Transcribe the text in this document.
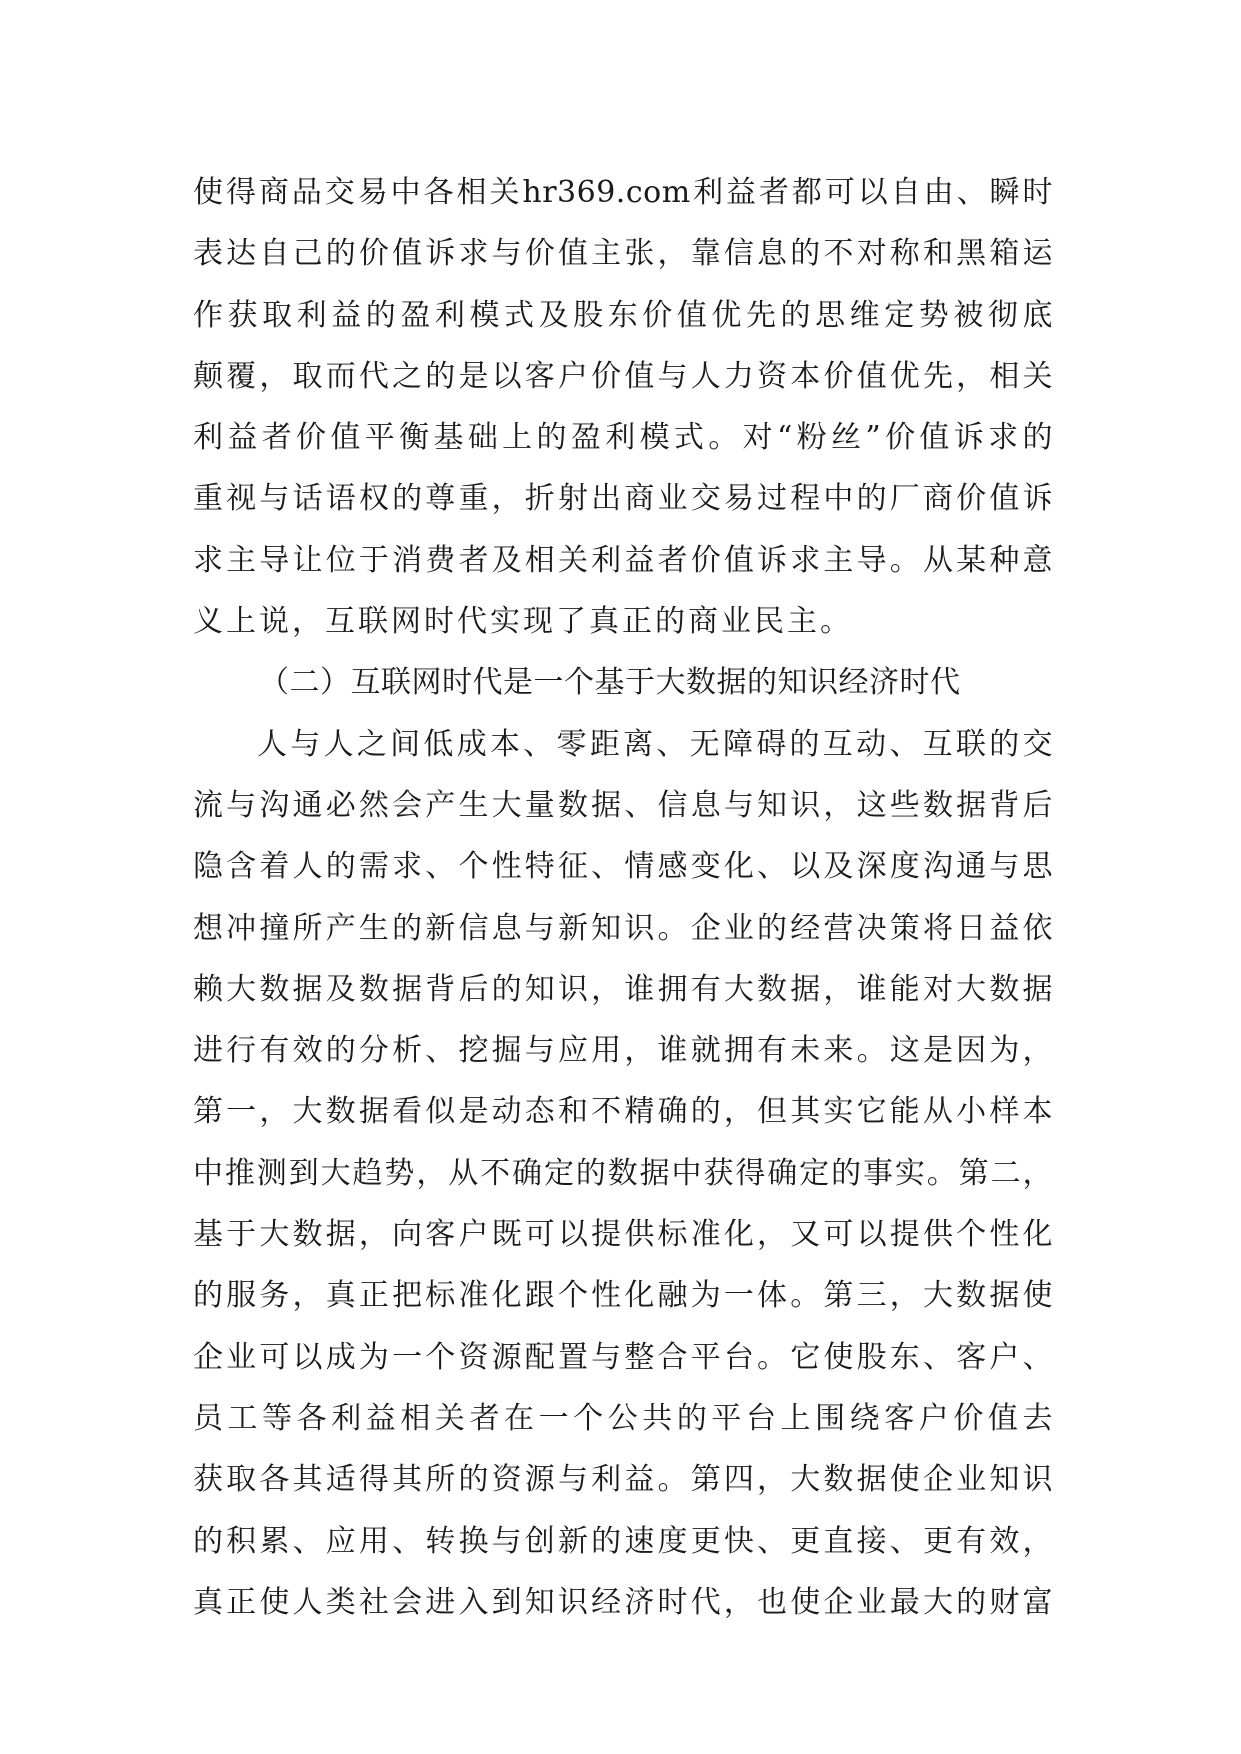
使得商品交易中各相关hr369.com利益者都可以自由、瞬时
表达自己的价值诉求与价值主张，靠信息的不对称和黑箱运
作获取利益的盈利模式及股东价值优先的思维定势被彻底
颠覆，取而代之的是以客户价值与人力资本价值优先，相关
利益者价值平衡基础上的盈利模式。对“粉丝”价值诉求的
重视与话语权的尊重，折射出商业交易过程中的厂商价值诉
求主导让位于消费者及相关利益者价值诉求主导。从某种意
义上说，互联网时代实现了真正的商业民主。
（二）互联网时代是一个基于大数据的知识经济时代
人与人之间低成本、零距离、无障碍的互动、互联的交
流与沟通必然会产生大量数据、信息与知识，这些数据背后
隐含着人的需求、个性特征、情感变化、以及深度沟通与思
想冲撞所产生的新信息与新知识。企业的经营决策将日益依
赖大数据及数据背后的知识，谁拥有大数据，谁能对大数据
进行有效的分析、挖掘与应用，谁就拥有未来。这是因为，
第一，大数据看似是动态和不精确的，但其实它能从小样本
中推测到大趋势，从不确定的数据中获得确定的事实。第二，
基于大数据，向客户既可以提供标准化，又可以提供个性化
的服务，真正把标准化跟个性化融为一体。第三，大数据使
企业可以成为一个资源配置与整合平台。它使股东、客户、
员工等各利益相关者在一个公共的平台上围绕客户价值去
获取各其适得其所的资源与利益。第四，大数据使企业知识
的积累、应用、转换与创新的速度更快、更直接、更有效，
真正使人类社会进入到知识经济时代，也使企业最大的财富
